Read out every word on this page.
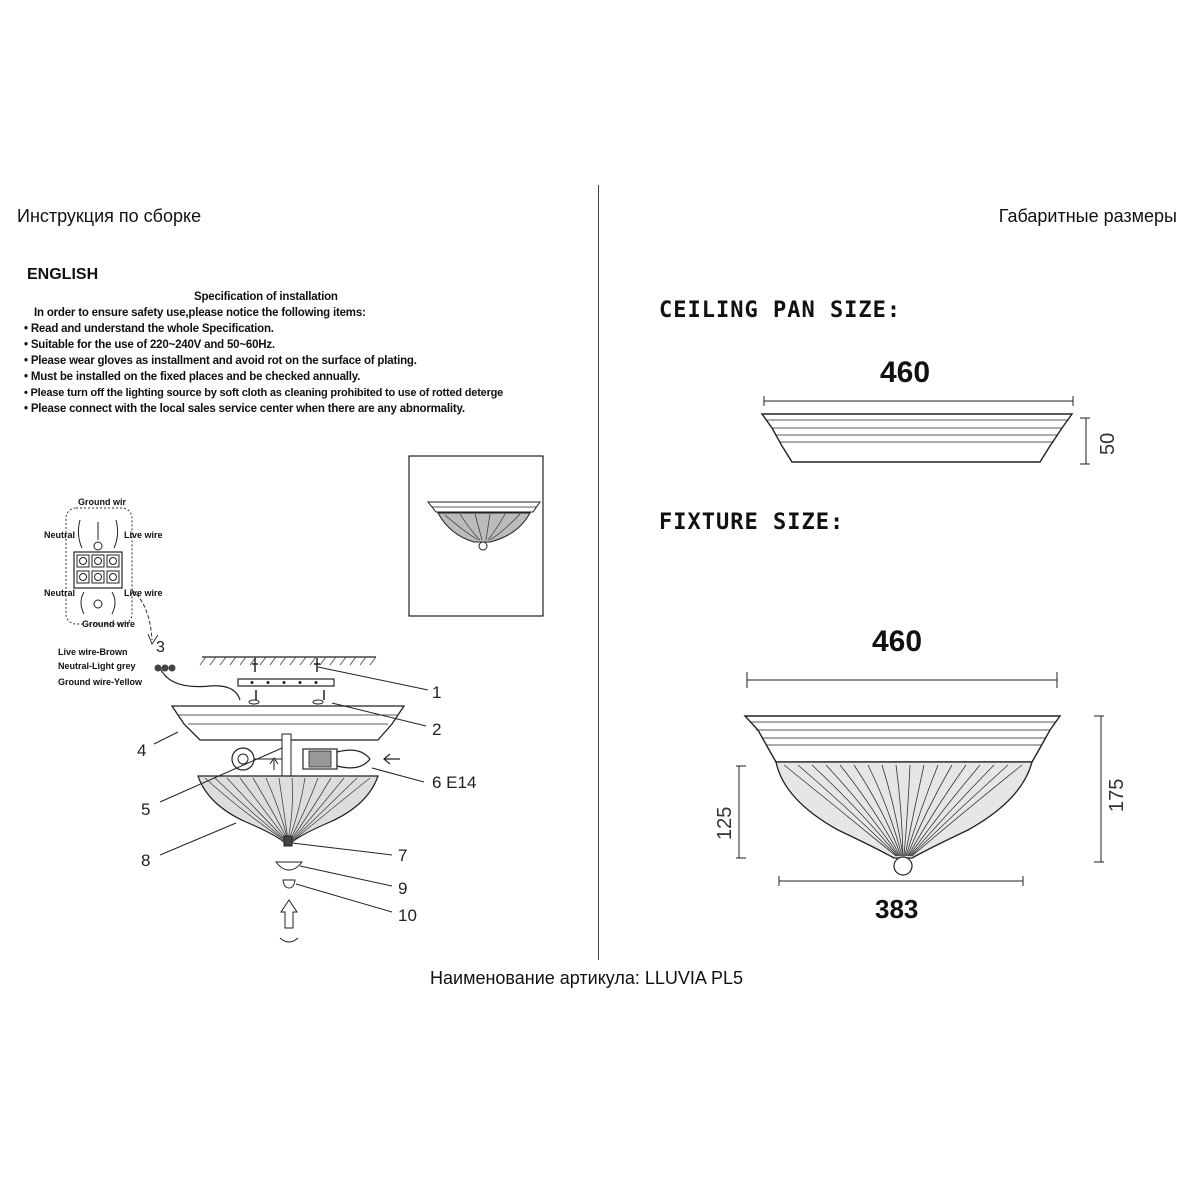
Инструкция по сборке	Габаритные размеры
ENGLISH
Specification of installation
In order to ensure safety use,please notice the following items:
• Read and understand the whole Specification.
• Suitable for the use of 220~240V and 50~60Hz.
• Please wear gloves as installment and avoid rot on the surface of plating.
• Must be installed on the fixed places and be checked annually.
• Please turn off the lighting source by soft cloth as cleaning prohibited to use of rotted deterge
• Please connect with the local sales service center when there are any abnormality.
Ground wir
Neutral	Live wire
Neutral	Live wire
Ground wire
3
Live wire-Brown
Neutral-Light grey
Ground wire-Yellow
1
2
4
6 E14
5
7
8
9
10
CEILING PAN SIZE:
460
50
FIXTURE SIZE:
460
383
125
175
Наименование артикула: LLUVIA PL5
